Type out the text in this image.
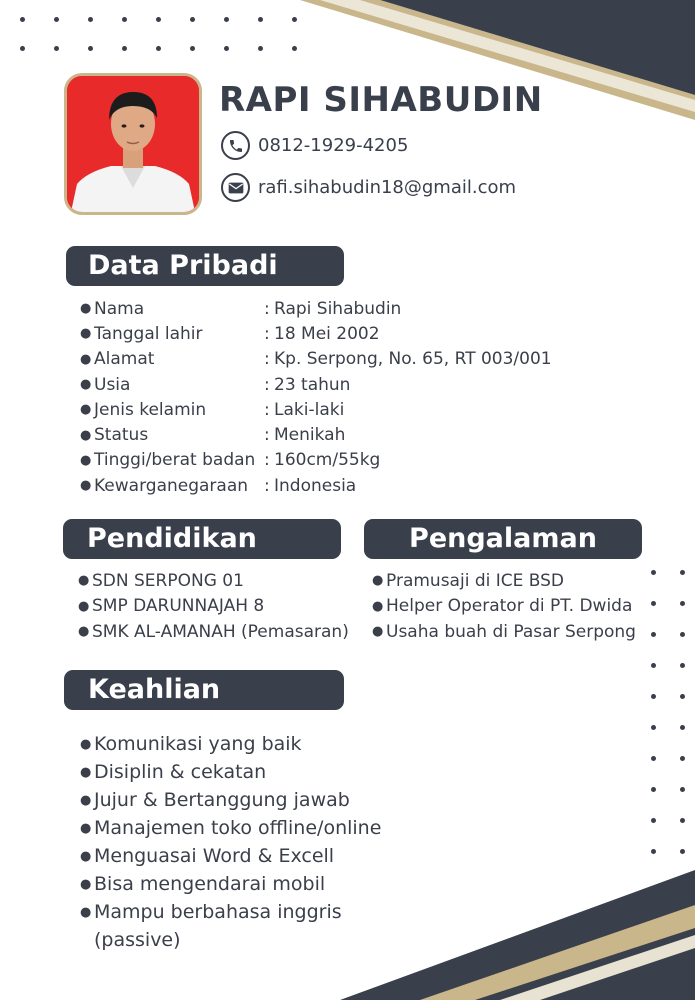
RAPI SIHABUDIN
0812-1929-4205
rafi.sihabudin18@gmail.com
Data Pribadi
● Nama	: Rapi Sihabudin
● Tanggal lahir	: 18 Mei 2002
● Alamat	: Kp. Serpong, No. 65, RT 003/001
● Usia	: 23 tahun
● Jenis kelamin	: Laki-laki
● Status	: Menikah
● Tinggi/berat badan : 160cm/55kg
● Kewarganegaraan : Indonesia
Pendidikan
● SDN SERPONG 01
● SMP DARUNNAJAH 8
● SMK AL-AMANAH (Pemasaran)
Pengalaman
● Pramusaji di ICE BSD
● Helper Operator di PT. Dwida
● Usaha buah di Pasar Serpong
Keahlian
● Komunikasi yang baik
● Disiplin & cekatan
● Jujur & Bertanggung jawab
● Manajemen toko offline/online
● Menguasai Word & Excell
● Bisa mengendarai mobil
● Mampu berbahasa inggris
(passive)
